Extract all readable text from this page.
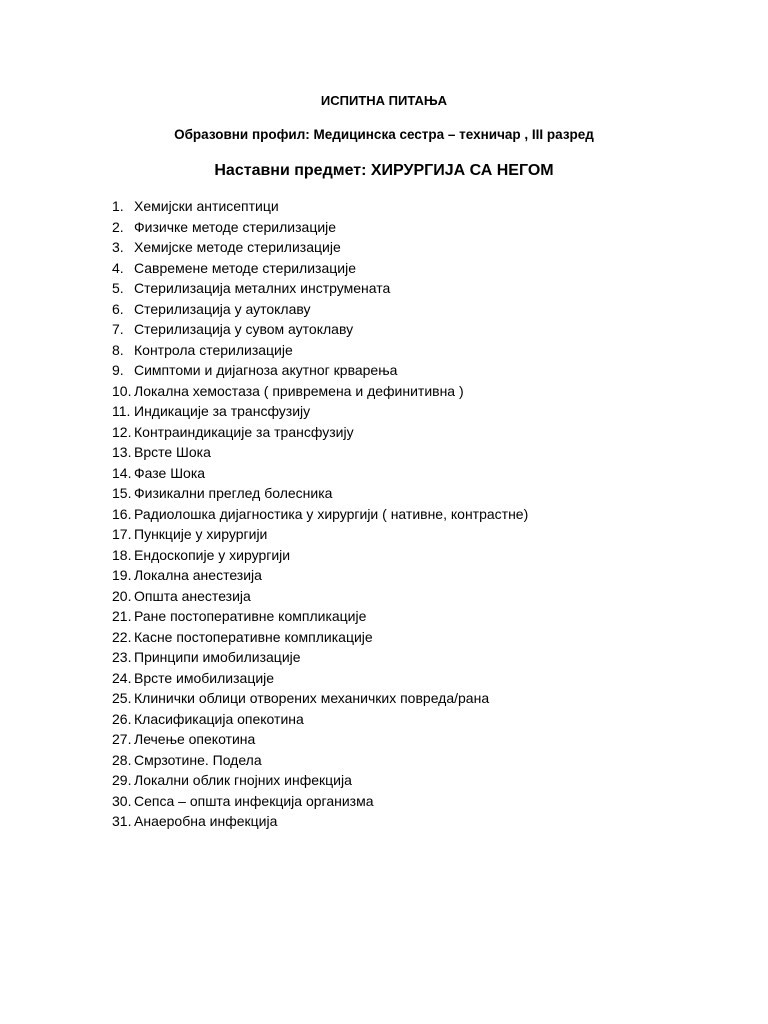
ИСПИТНА ПИТАЊА
Образовни профил: Медицинска сестра – техничар , III разред
Наставни предмет: ХИРУРГИЈА СА НЕГОМ
1. Хемијски антисептици
2. Физичке методе стерилизације
3. Хемијске методе стерилизације
4. Савремене методе стерилизације
5. Стерилизација металних инструмената
6. Стерилизација у аутоклаву
7. Стерилизација у сувом аутоклаву
8. Контрола стерилизације
9. Симптоми и дијагноза акутног крварења
10. Локална хемостаза ( привремена и дефинитивна )
11. Индикације за трансфузију
12. Контраиндикације за трансфузију
13. Врсте Шока
14. Фазе Шока
15. Физикални преглед болесника
16. Радиолошка дијагностика у хирургији ( нативне, контрастне)
17. Пункције у хирургији
18. Ендоскопије у хирургији
19. Локална анестезија
20. Општа анестезија
21. Ране постоперативне компликације
22. Касне постоперативне компликације
23. Принципи имобилизације
24. Врсте имобилизације
25. Клинички облици отворених механичких повреда/рана
26. Класификација опекотина
27. Лечење опекотина
28. Смрзотине. Подела
29. Локални облик гнојних инфекција
30. Сепса – општа инфекција организма
31. Анаеробна инфекција
